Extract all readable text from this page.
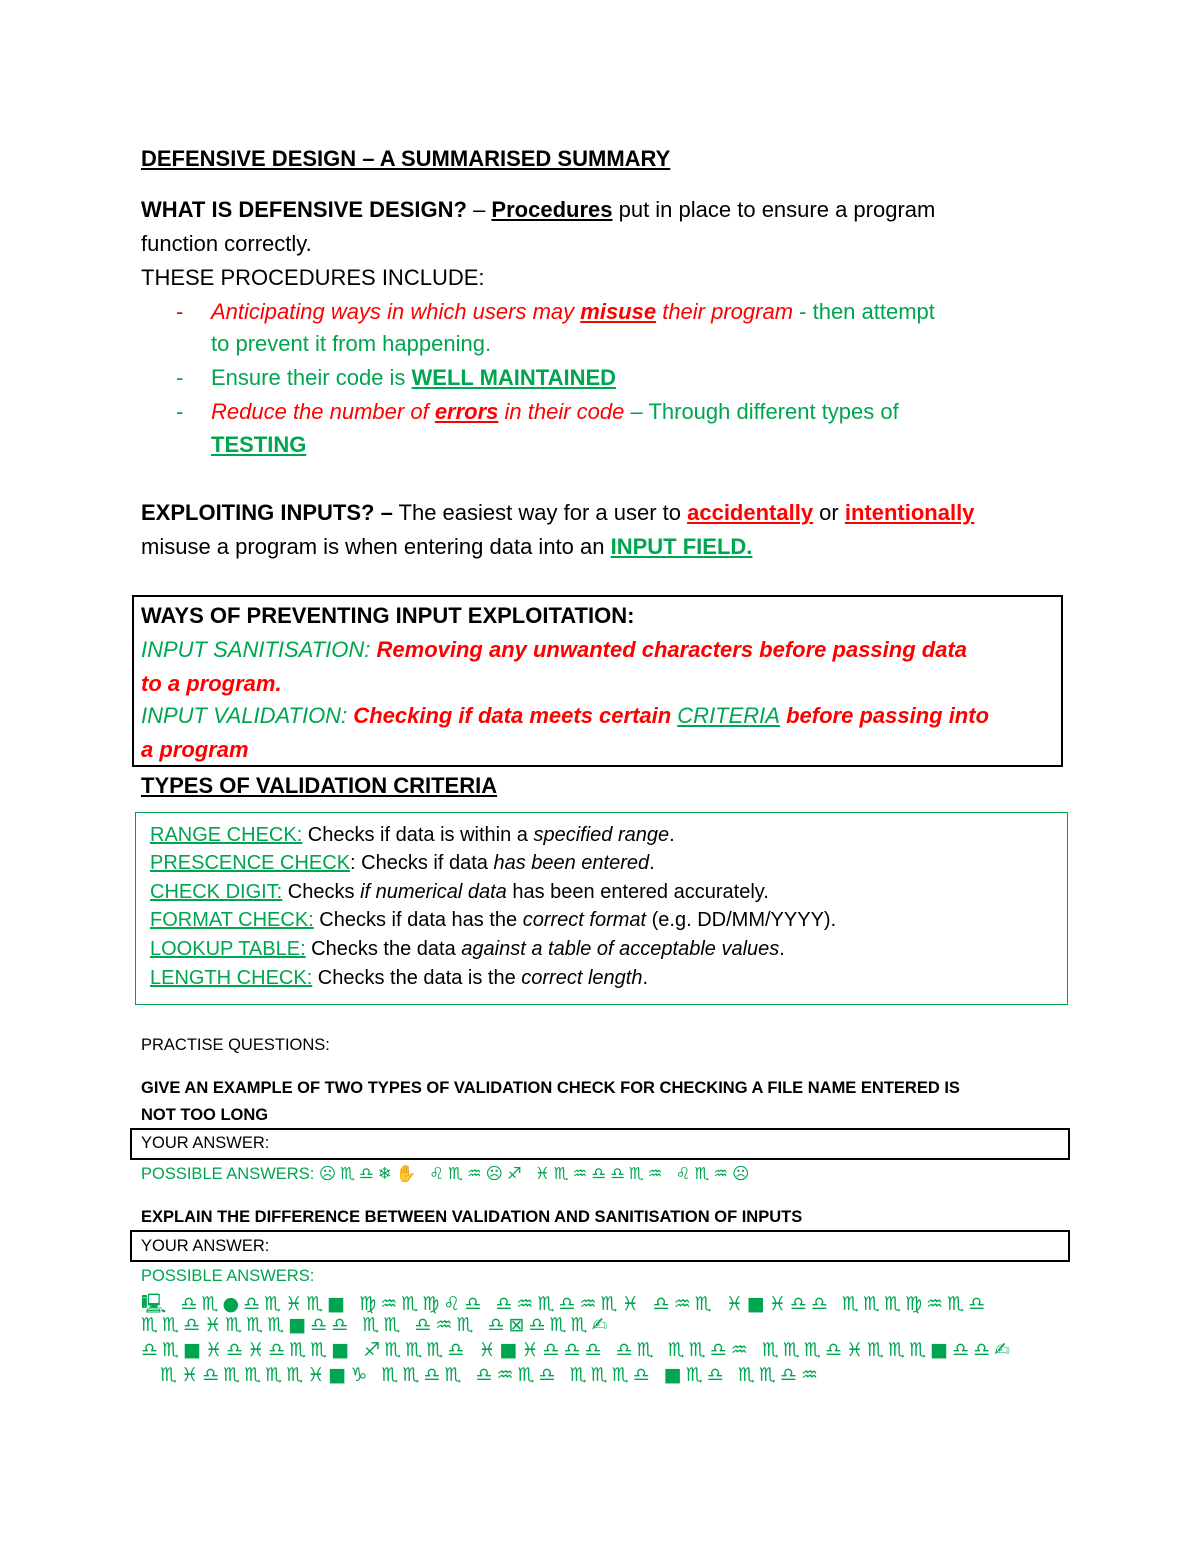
DEFENSIVE DESIGN – A SUMMARISED SUMMARY
WHAT IS DEFENSIVE DESIGN? – Procedures put in place to ensure a program
function correctly.
THESE PROCEDURES INCLUDE:
- Anticipating ways in which users may misuse their program - then attempt
to prevent it from happening.
- Ensure their code is WELL MAINTAINED
- Reduce the number of errors in their code – Through different types of
TESTING
EXPLOITING INPUTS? – The easiest way for a user to accidentally or intentionally
misuse a program is when entering data into an INPUT FIELD.
WAYS OF PREVENTING INPUT EXPLOITATION:
INPUT SANITISATION: Removing any unwanted characters before passing data
to a program.
INPUT VALIDATION: Checking if data meets certain CRITERIA before passing into
a program
TYPES OF VALIDATION CRITERIA
RANGE CHECK: Checks if data is within a specified range.
PRESCENCE CHECK: Checks if data has been entered.
CHECK DIGIT: Checks if numerical data has been entered accurately.
FORMAT CHECK: Checks if data has the correct format (e.g. DD/MM/YYYY).
LOOKUP TABLE: Checks the data against a table of acceptable values.
LENGTH CHECK: Checks the data is the correct length.
PRACTISE QUESTIONS:
GIVE AN EXAMPLE OF TWO TYPES OF VALIDATION CHECK FOR CHECKING A FILE NAME ENTERED IS
NOT TOO LONG
YOUR ANSWER:
POSSIBLE ANSWERS: ☹♏♎❄✋ ♌♏♒☹♐ ♓♏♒♎♎♏♒ ♌♏♒☹
EXPLAIN THE DIFFERENCE BETWEEN VALIDATION AND SANITISATION OF INPUTS
YOUR ANSWER:
POSSIBLE ANSWERS:
🖳 ♎♏●♎♏♓♏■ ♍♒♏♍♌♎ ♎♒♏♎♒♏♓ ♎♒♏ ♓■♓♎♎ ♏♏♏♍♒♏♎
♏♏♎♓♏♏♏■♎♎ ♏♏ ♎♒♏ ♎⊠♎♏♏✍
♎♏■♓♎♓♎♏♏■ ♐♏♏♏♎ ♓■♓♎♎♎ ♎♏ ♏♏♎♒ ♏♏♏♎♓♏♏♏■♎♎✍
♏♓♎♏♏♏♏♓■♑ ♏♏♎♏ ♎♒♏♎ ♏♏♏♎ ■♏♎ ♏♏♎♒
